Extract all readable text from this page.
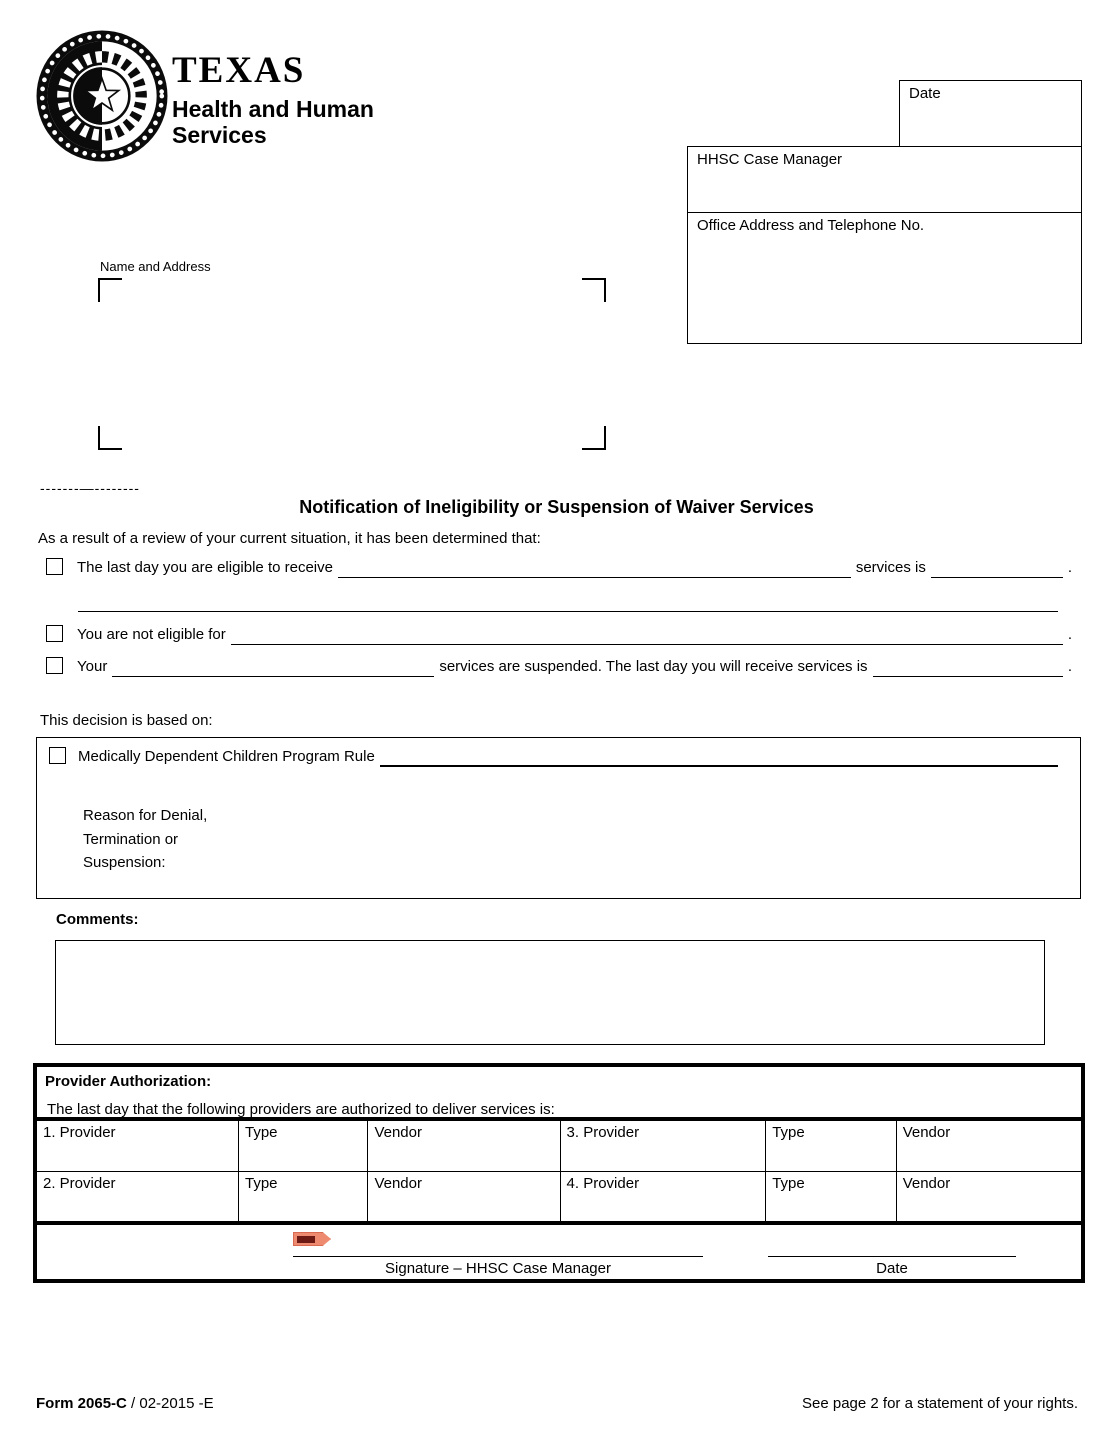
TEXAS
Health and Human
Services
Date
HHSC Case Manager
Office Address and Telephone No.
Name and Address
-------—--------
Notification of Ineligibility or Suspension of Waiver Services
As a result of a review of your current situation, it has been determined that:
The last day you are eligible to receive	services is	.
You are not eligible for	.
Your	services are suspended. The last day you will receive services is	.
This decision is based on:
Medically Dependent Children Program Rule
Reason for Denial,
Termination or
Suspension:
Comments:
Provider Authorization:
The last day that the following providers are authorized to deliver services is:
1. Provider	Type	Vendor	3. Provider	Type	Vendor
2. Provider	Type	Vendor	4. Provider	Type	Vendor
Signature – HHSC Case Manager	Date
Form 2065-C / 02-2015 -E	See page 2 for a statement of your rights.
